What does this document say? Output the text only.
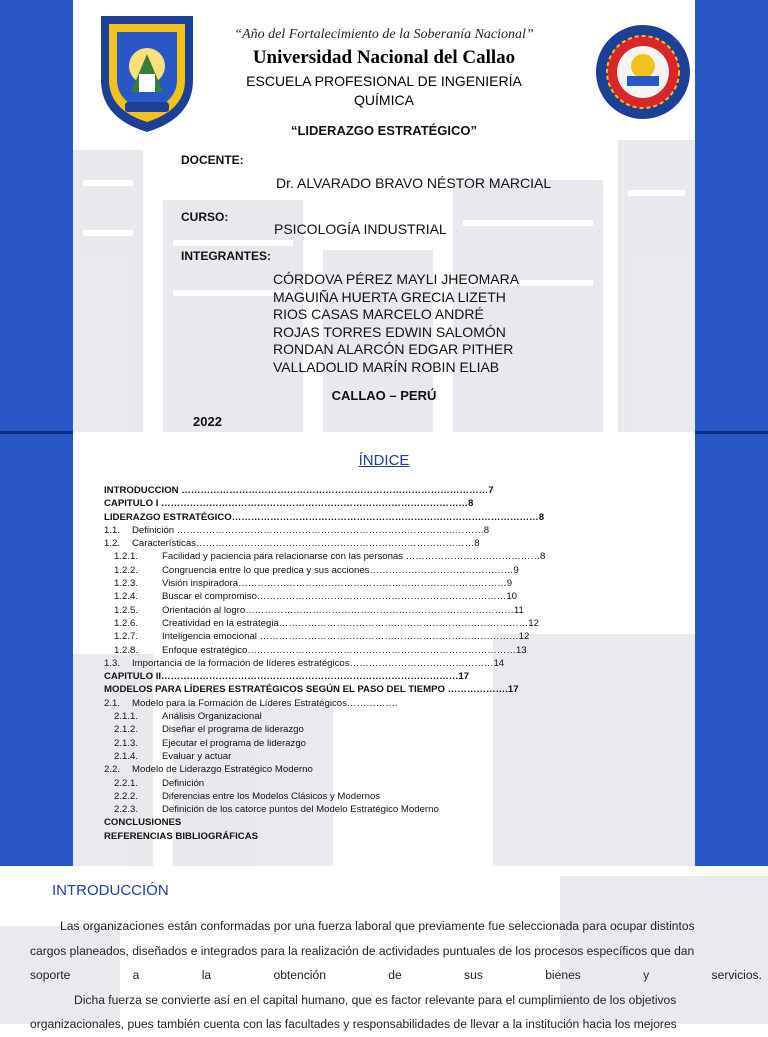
“Año del Fortalecimiento de la Soberanía Nacional”
Universidad Nacional del Callao
ESCUELA PROFESIONAL DE INGENIERÍA
QUÍMICA
“LIDERAZGO ESTRATÉGICO”
DOCENTE:
Dr. ALVARADO BRAVO NÉSTOR MARCIAL
CURSO:
PSICOLOGÍA INDUSTRIAL
INTEGRANTES:
CÓRDOVA PÉREZ MAYLI JHEOMARA
MAGUIÑA HUERTA GRECIA LIZETH
RIOS CASAS MARCELO ANDRÉ
ROJAS TORRES EDWIN SALOMÓN
RONDAN ALARCÓN EDGAR PITHER
VALLADOLID MARÍN ROBIN ELIAB
CALLAO – PERÚ
2022
ÍNDICE
INTRODUCCION ……………………………………………………………………………………7
CAPITULO I ……………………………………………………………………………………8
LIDERAZGO ESTRATÉGICO……………………………………………………………………………………8
1.1. Definición ……………………………………………………………………………………8
1.2. Características……………………………………………………………………………8
1.2.1. Facilidad y paciencia para relacionarse con las personas ……………………………………8
1.2.2. Congruencia entre lo que predica y sus acciones………………………………………9
1.2.3. Visión inspiradora…………………………………………………………………………9
1.2.4. Buscar el compromiso……………………………………………………………………10
1.2.5. Orientación al logro…………………………………………………………………………11
1.2.6. Creatividad en la estrategia……………………………………………………………………12
1.2.7. Inteligencia emocional ………………………………………………………………………12
1.2.8. Enfoque estratégico…………………………………………………………………………13
1.3. Importancia de la formación de líderes estratégicos………………………………………14
CAPITULO II…………………………………………………………………………………17
MODELOS PARA LÍDERES ESTRATÉGICOS SEGÚN EL PASO DEL TIEMPO ……………….17
2.1. Modelo para la Formación de Líderes Estratégicos…………….
2.1.1. Análisis Organizacional
2.1.2. Diseñar el programa de liderazgo
2.1.3. Ejecutar el programa de liderazgo
2.1.4. Evaluar y actuar
2.2. Modelo de Liderazgo Estratégico Moderno
2.2.1. Definición
2.2.2. Diferencias entre los Modelos Clásicos y Modernos
2.2.3. Definición de los catorce puntos del Modelo Estratégico Moderno
CONCLUSIONES
REFERENCIAS BIBLIOGRÁFICAS
INTRODUCCIÓN
Las organizaciones están conformadas por una fuerza laboral que previamente fue seleccionada para ocupar distintos
cargos planeados, diseñados e integrados para la realización de actividades puntuales de los procesos específicos que dan
soporte	a	la	obtención	de	sus	bienes	y	servicios.
Dicha fuerza se convierte así en el capital humano, que es factor relevante para el cumplimiento de los objetivos
organizacionales, pues también cuenta con las facultades y responsabilidades de llevar a la institución hacia los mejores
